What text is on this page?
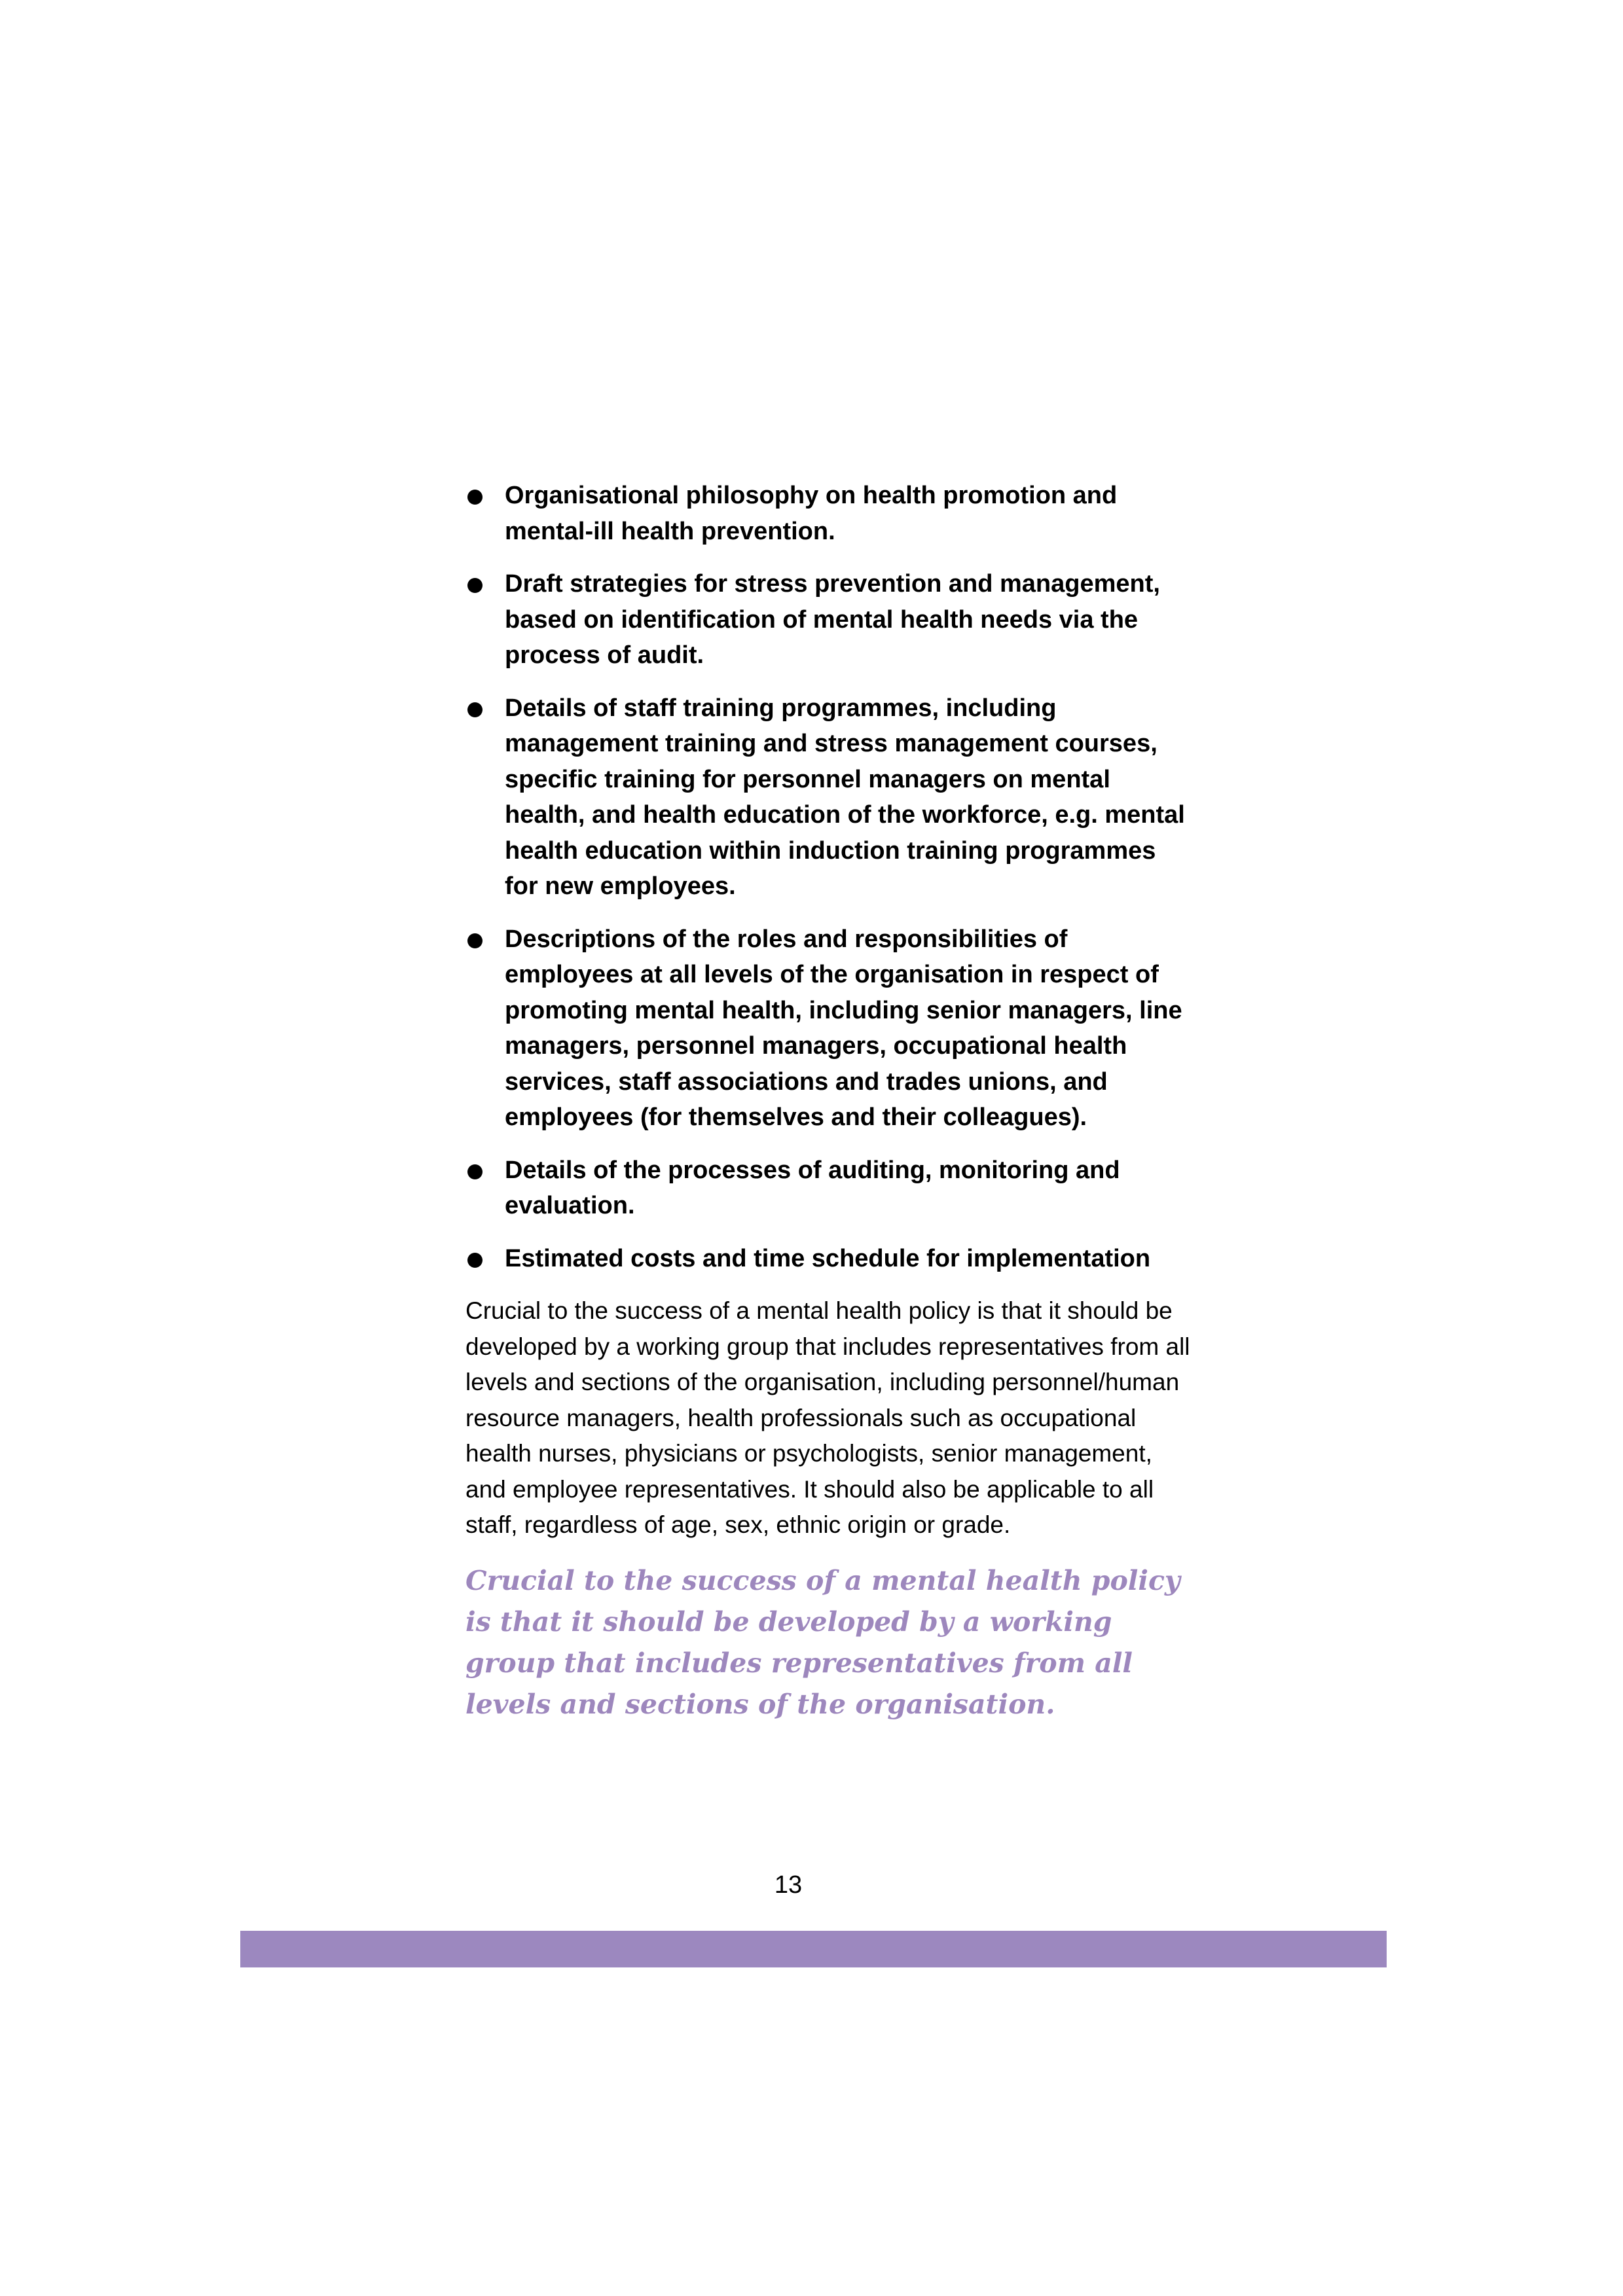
Organisational philosophy on health promotion and mental-ill health prevention.
Draft strategies for stress prevention and management, based on identification of mental health needs via the process of audit.
Details of staff training programmes, including management training and stress management courses, specific training for personnel managers on mental health, and health education of the workforce, e.g. mental health education within induction training programmes for new employees.
Descriptions of the roles and responsibilities of employees at all levels of the organisation in respect of promoting mental health, including senior managers, line managers, personnel managers, occupational health services, staff associations and trades unions, and employees (for themselves and their colleagues).
Details of the processes of auditing, monitoring and evaluation.
Estimated costs and time schedule for implementation

Crucial to the success of a mental health policy is that it should be developed by a working group that includes representatives from all levels and sections of the organisation, including personnel/human resource managers, health professionals such as occupational health nurses, physicians or psychologists, senior management, and employee representatives. It should also be applicable to all staff, regardless of age, sex, ethnic origin or grade.

Crucial to the success of a mental health policy is that it should be developed by a working group that includes representatives from all levels and sections of the organisation.

13
